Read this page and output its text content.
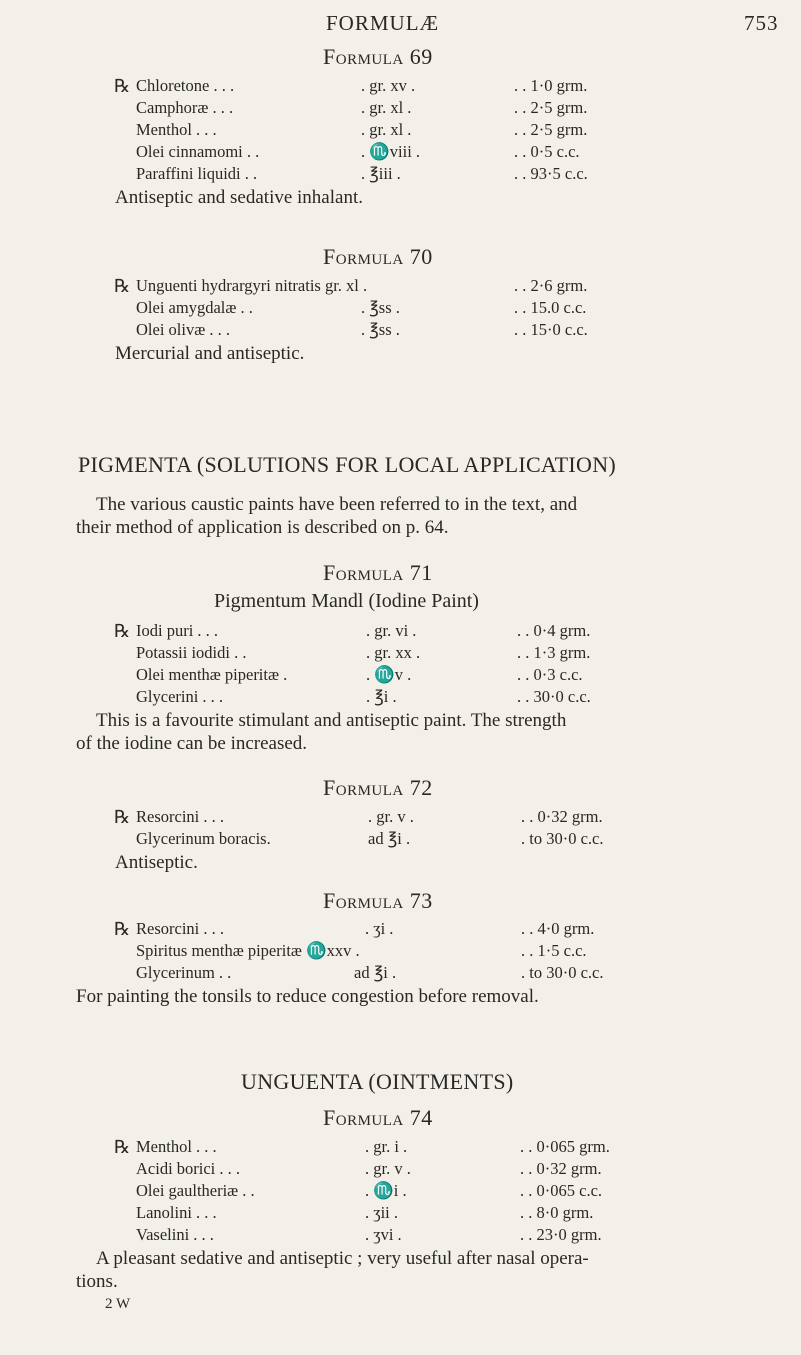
FORMULÆ	753
Formula 69
℞ Chloretone . . .	. gr. xv .	. . 1·0 grm.
Camphoræ . . .	. gr. xl .	. . 2·5 grm.
Menthol . . .	. gr. xl .	. . 2·5 grm.
Olei cinnamomi . .	. ♏viii .	. . 0·5 c.c.
Paraffini liquidi . .	. ℥iii .	. . 93·5 c.c.
Antiseptic and sedative inhalant.
Formula 70
℞ Unguenti hydrargyri nitratis gr. xl .	. . 2·6 grm.
Olei amygdalæ . .	. ℥ss .	. . 15.0 c.c.
Olei olivæ . . .	. ℥ss .	. . 15·0 c.c.
Mercurial and antiseptic.
PIGMENTA (SOLUTIONS FOR LOCAL APPLICATION)
The various caustic paints have been referred to in the text, and
their method of application is described on p. 64.
Formula 71
Pigmentum Mandl (Iodine Paint)
℞ Iodi puri . . .	. gr. vi .	. . 0·4 grm.
Potassii iodidi . .	. gr. xx .	. . 1·3 grm.
Olei menthæ piperitæ .	. ♏v .	. . 0·3 c.c.
Glycerini . . .	. ℥i .	. . 30·0 c.c.
This is a favourite stimulant and antiseptic paint. The strength
of the iodine can be increased.
Formula 72
℞ Resorcini . . .	. gr. v .	. . 0·32 grm.
Glycerinum boracis.	ad ℥i .	. to 30·0 c.c.
Antiseptic.
Formula 73
℞ Resorcini . . .	. ʒi .	. . 4·0 grm.
Spiritus menthæ piperitæ ♏xxv .	. . 1·5 c.c.
Glycerinum . .	ad ℥i .	. to 30·0 c.c.
For painting the tonsils to reduce congestion before removal.
UNGUENTA (OINTMENTS)
Formula 74
℞ Menthol . . .	. gr. i .	. . 0·065 grm.
Acidi borici . . .	. gr. v .	. . 0·32 grm.
Olei gaultheriæ . .	. ♏i .	. . 0·065 c.c.
Lanolini . . .	. ʒii .	. . 8·0 grm.
Vaselini . . .	. ʒvi .	. . 23·0 grm.
A pleasant sedative and antiseptic ; very useful after nasal opera-
tions.
2 W
